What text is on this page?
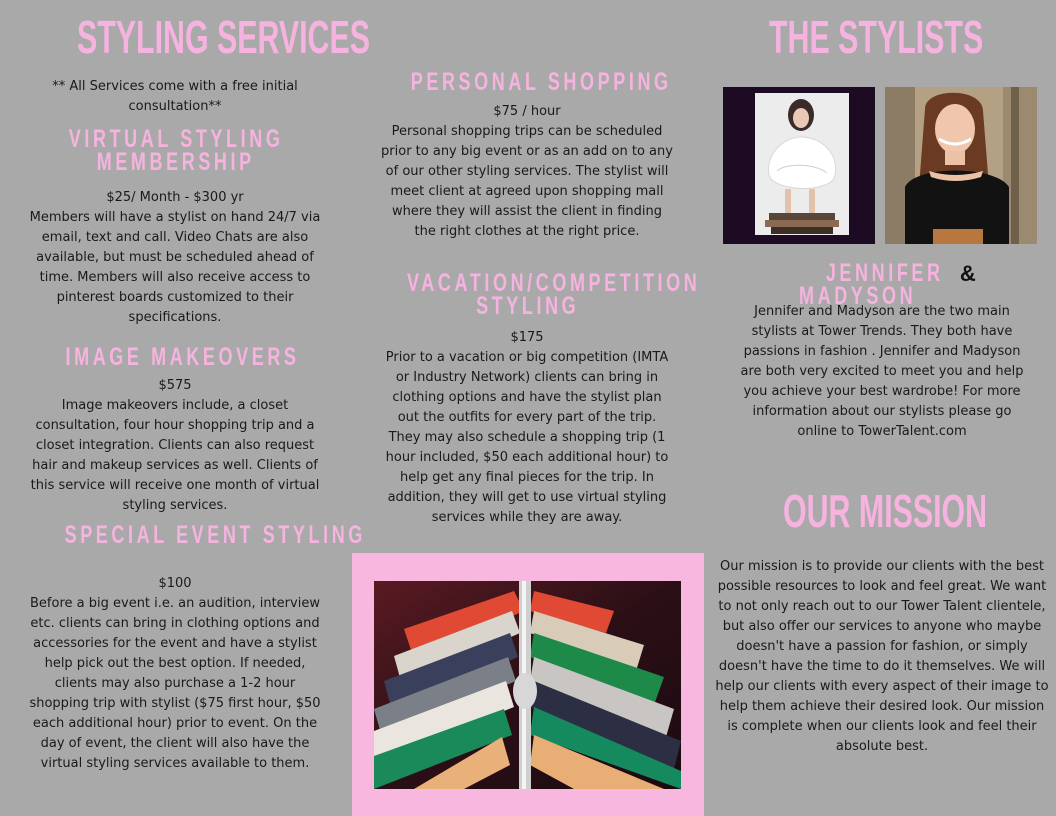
STYLING SERVICES
** All Services come with a free initial consultation**
VIRTUAL STYLING
MEMBERSHIP

$25/ Month - $300 yr

Members will have a stylist on hand 24/7 via email, text and call. Video Chats are also available, but must be scheduled ahead of time. Members will also receive access to pinterest boards customized to their specifications.

IMAGE MAKEOVERS

$575

Image makeovers include, a closet consultation, four hour shopping trip and a closet integration. Clients can also request hair and makeup services as well. Clients of this service will receive one month of virtual styling services.

SPECIAL EVENT STYLING

$100

Before a big event i.e. an audition, interview etc. clients can bring in clothing options and accessories for the event and have a stylist help pick out the best option. If needed, clients may also purchase a 1-2 hour shopping trip with stylist ($75 first hour, $50 each additional hour) prior to event. On the day of event, the client will also have the virtual styling services available to them.

PERSONAL SHOPPING

$75 / hour

Personal shopping trips can be scheduled prior to any big event or as an add on to any of our other styling services. The stylist will meet client at agreed upon shopping mall where they will assist the client in finding the right clothes at the right price.

VACATION/COMPETITION
STYLING

$175

Prior to a vacation or big competition (IMTA or Industry Network) clients can bring in clothing options and have the stylist plan out the outfits for every part of the trip. They may also schedule a shopping trip (1 hour included, $50 each additional hour) to help get any final pieces for the trip. In addition, they will get to use virtual styling services while they are away.

THE STYLISTS
JENNIFER & MADYSON
Jennifer and Madyson are the two main stylists at Tower Trends. They both have passions in fashion . Jennifer and Madyson are both very excited to meet you and help you achieve your best wardrobe! For more information about our stylists please go online to TowerTalent.com
OUR MISSION
Our mission is to provide our clients with the best possible resources to look and feel great. We want to not only reach out to our Tower Talent clientele, but also offer our services to anyone who maybe doesn't have a passion for fashion, or simply doesn't have the time to do it themselves. We will help our clients with every aspect of their image to help them achieve their desired look. Our mission is complete when our clients look and feel their absolute best.
